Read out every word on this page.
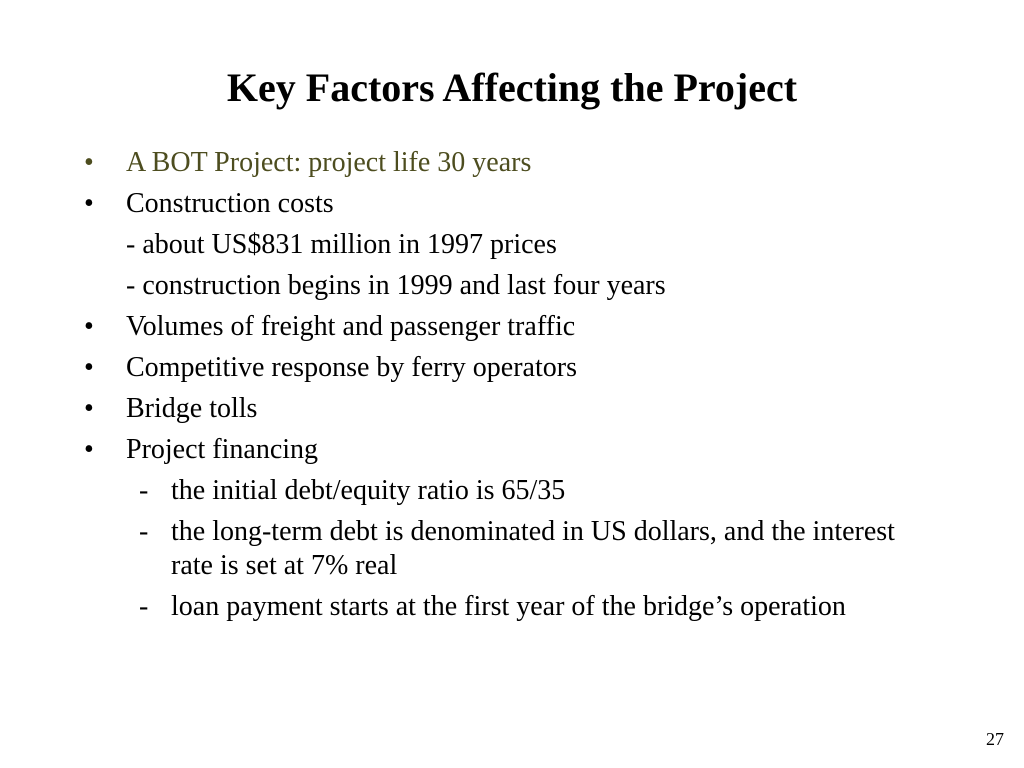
Key Factors Affecting the Project
•	A BOT Project: project life 30 years
•	Construction costs
- about US$831 million in 1997 prices
- construction begins in 1999 and last four years
•	Volumes of freight and passenger traffic
•	Competitive response by ferry operators
•	Bridge tolls
•	Project financing
- the initial debt/equity ratio is 65/35
- the long-term debt is denominated in US dollars, and the interest rate is set at 7% real
- loan payment starts at the first year of the bridge’s operation
27
